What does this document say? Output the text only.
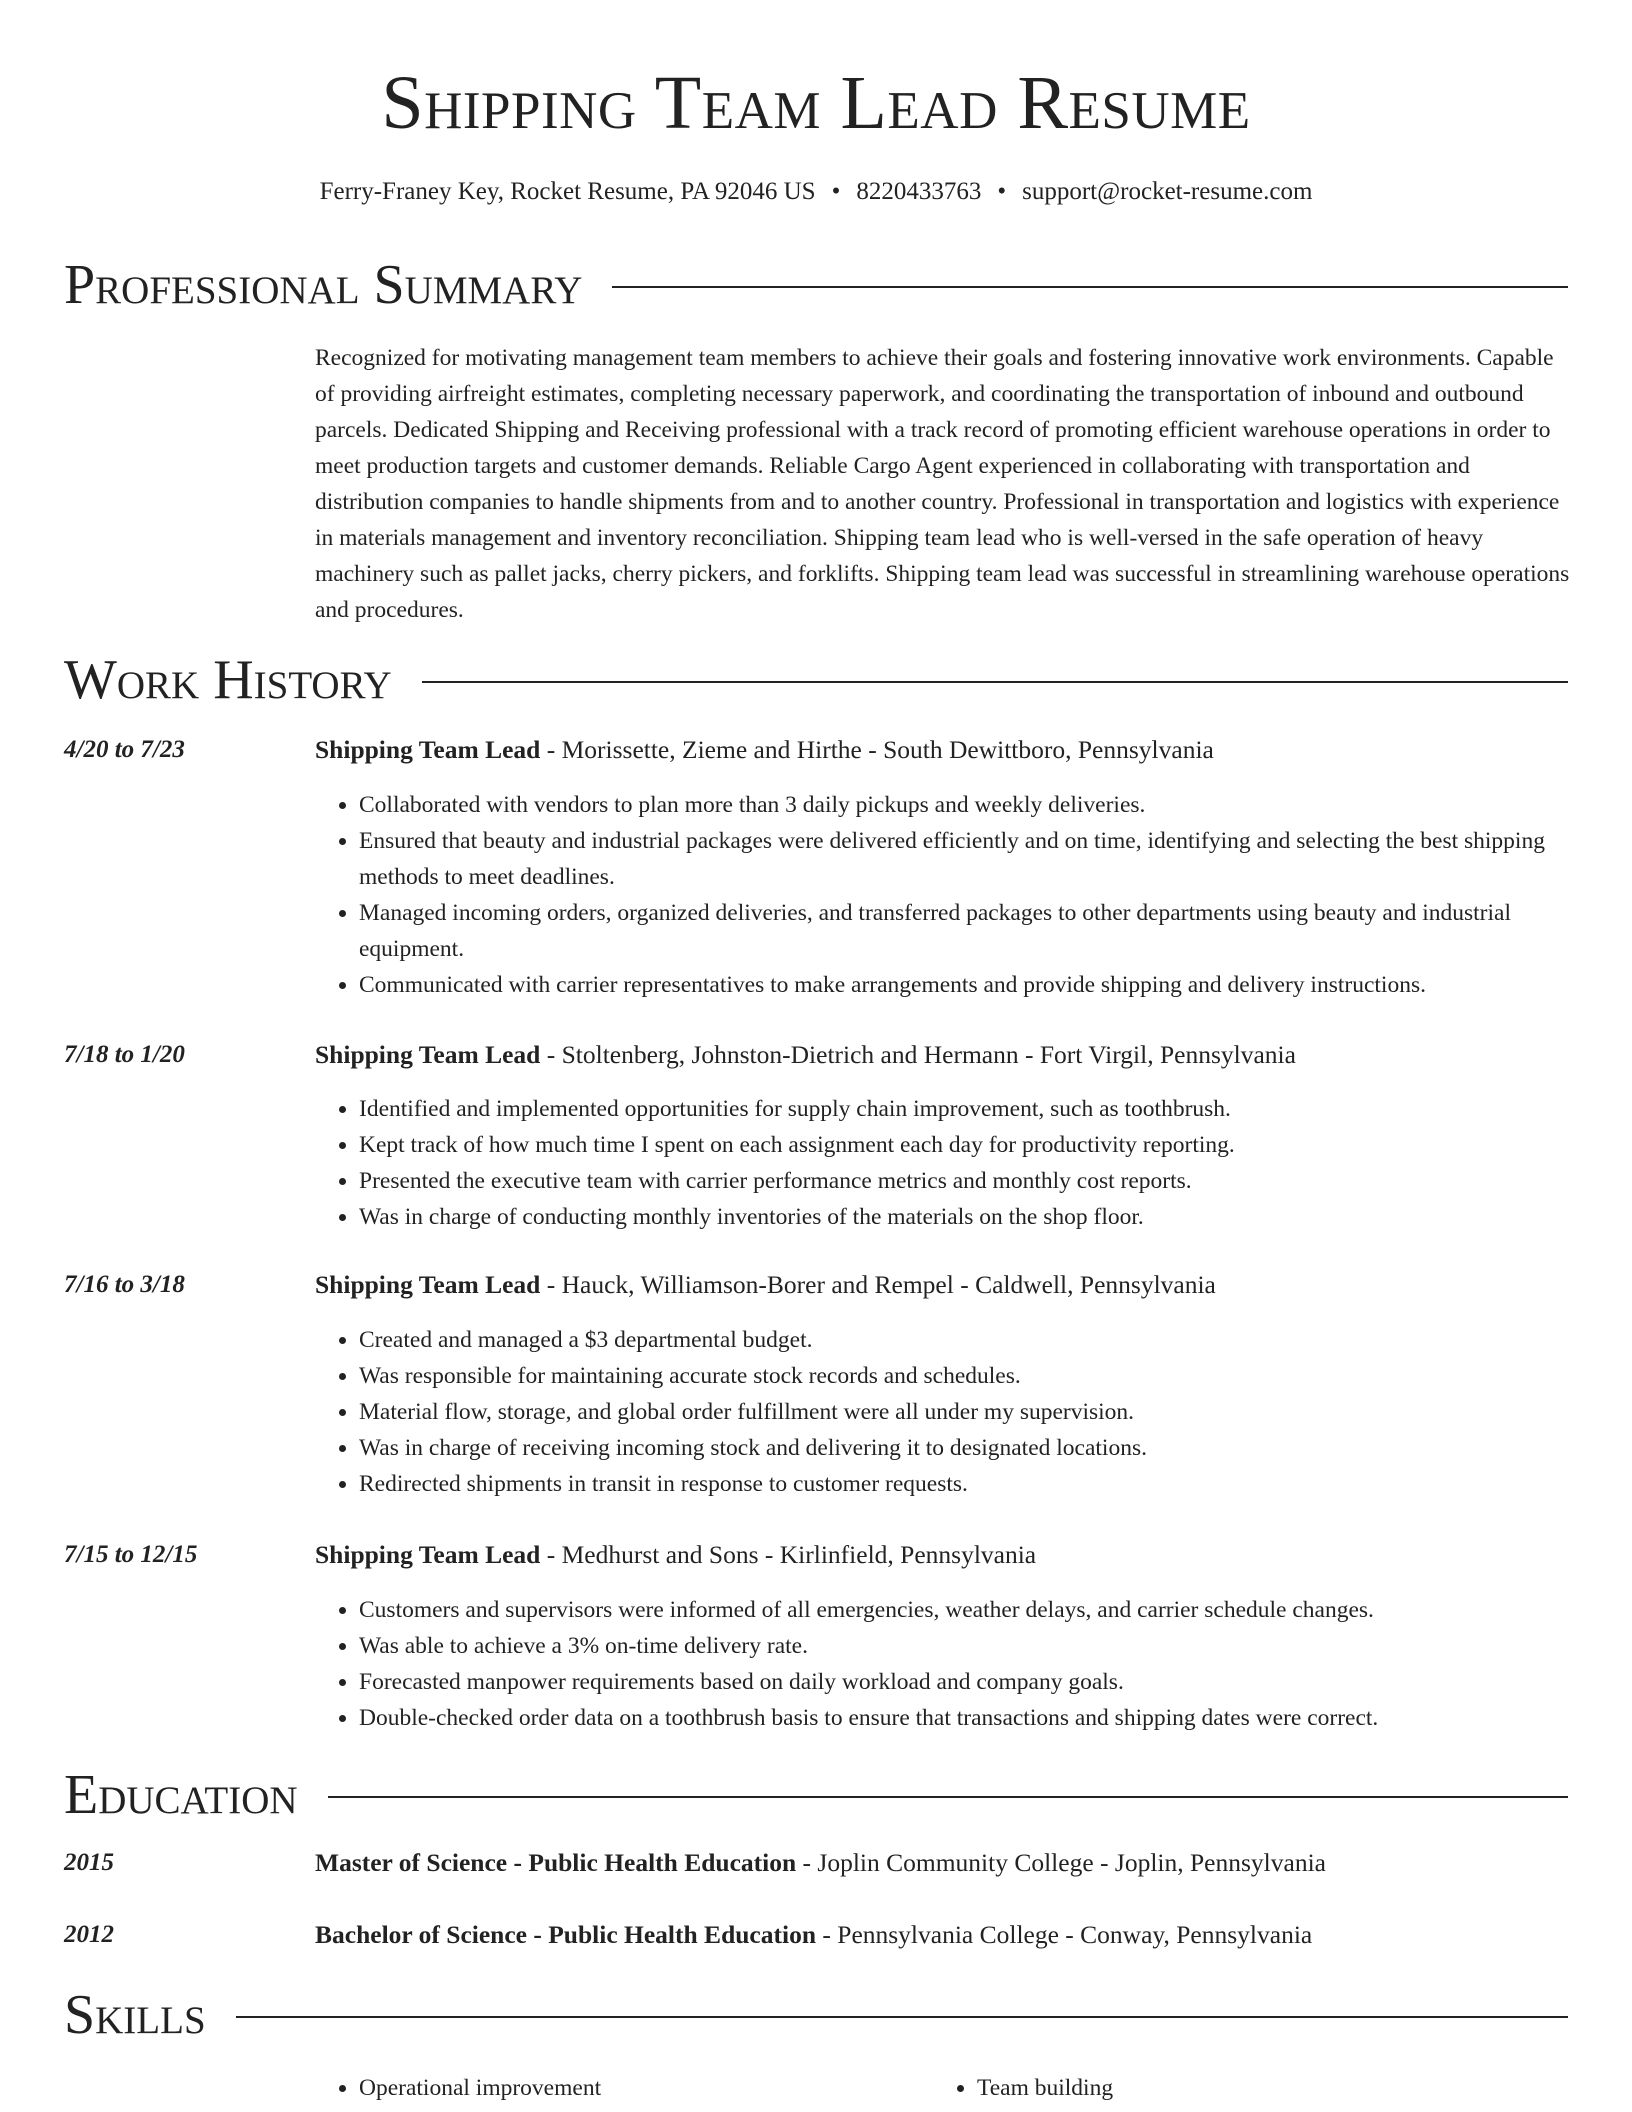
Shipping Team Lead Resume
Ferry-Franey Key, Rocket Resume, PA 92046 US • 8220433763 • support@rocket-resume.com
Professional Summary

Recognized for motivating management team members to achieve their goals and fostering innovative work environments. Capable of providing airfreight estimates, completing necessary paperwork, and coordinating the transportation of inbound and outbound parcels. Dedicated Shipping and Receiving professional with a track record of promoting efficient warehouse operations in order to meet production targets and customer demands. Reliable Cargo Agent experienced in collaborating with transportation and distribution companies to handle shipments from and to another country. Professional in transportation and logistics with experience in materials management and inventory reconciliation. Shipping team lead who is well-versed in the safe operation of heavy machinery such as pallet jacks, cherry pickers, and forklifts. Shipping team lead was successful in streamlining warehouse operations and procedures.

Work History
4/20 to 7/23	Shipping Team Lead - Morissette, Zieme and Hirthe - South Dewittboro, Pennsylvania
• Collaborated with vendors to plan more than 3 daily pickups and weekly deliveries.
• Ensured that beauty and industrial packages were delivered efficiently and on time, identifying and selecting the best shipping methods to meet deadlines.
• Managed incoming orders, organized deliveries, and transferred packages to other departments using beauty and industrial equipment.
• Communicated with carrier representatives to make arrangements and provide shipping and delivery instructions.
7/18 to 1/20	Shipping Team Lead - Stoltenberg, Johnston-Dietrich and Hermann - Fort Virgil, Pennsylvania
• Identified and implemented opportunities for supply chain improvement, such as toothbrush.
• Kept track of how much time I spent on each assignment each day for productivity reporting.
• Presented the executive team with carrier performance metrics and monthly cost reports.
• Was in charge of conducting monthly inventories of the materials on the shop floor.
7/16 to 3/18	Shipping Team Lead - Hauck, Williamson-Borer and Rempel - Caldwell, Pennsylvania
• Created and managed a $3 departmental budget.
• Was responsible for maintaining accurate stock records and schedules.
• Material flow, storage, and global order fulfillment were all under my supervision.
• Was in charge of receiving incoming stock and delivering it to designated locations.
• Redirected shipments in transit in response to customer requests.
7/15 to 12/15	Shipping Team Lead - Medhurst and Sons - Kirlinfield, Pennsylvania
• Customers and supervisors were informed of all emergencies, weather delays, and carrier schedule changes.
• Was able to achieve a 3% on-time delivery rate.
• Forecasted manpower requirements based on daily workload and company goals.
• Double-checked order data on a toothbrush basis to ensure that transactions and shipping dates were correct.
Education
2015	Master of Science - Public Health Education - Joplin Community College - Joplin, Pennsylvania
2012	Bachelor of Science - Public Health Education - Pennsylvania College - Conway, Pennsylvania
Skills
• Operational improvement
•	Team building
